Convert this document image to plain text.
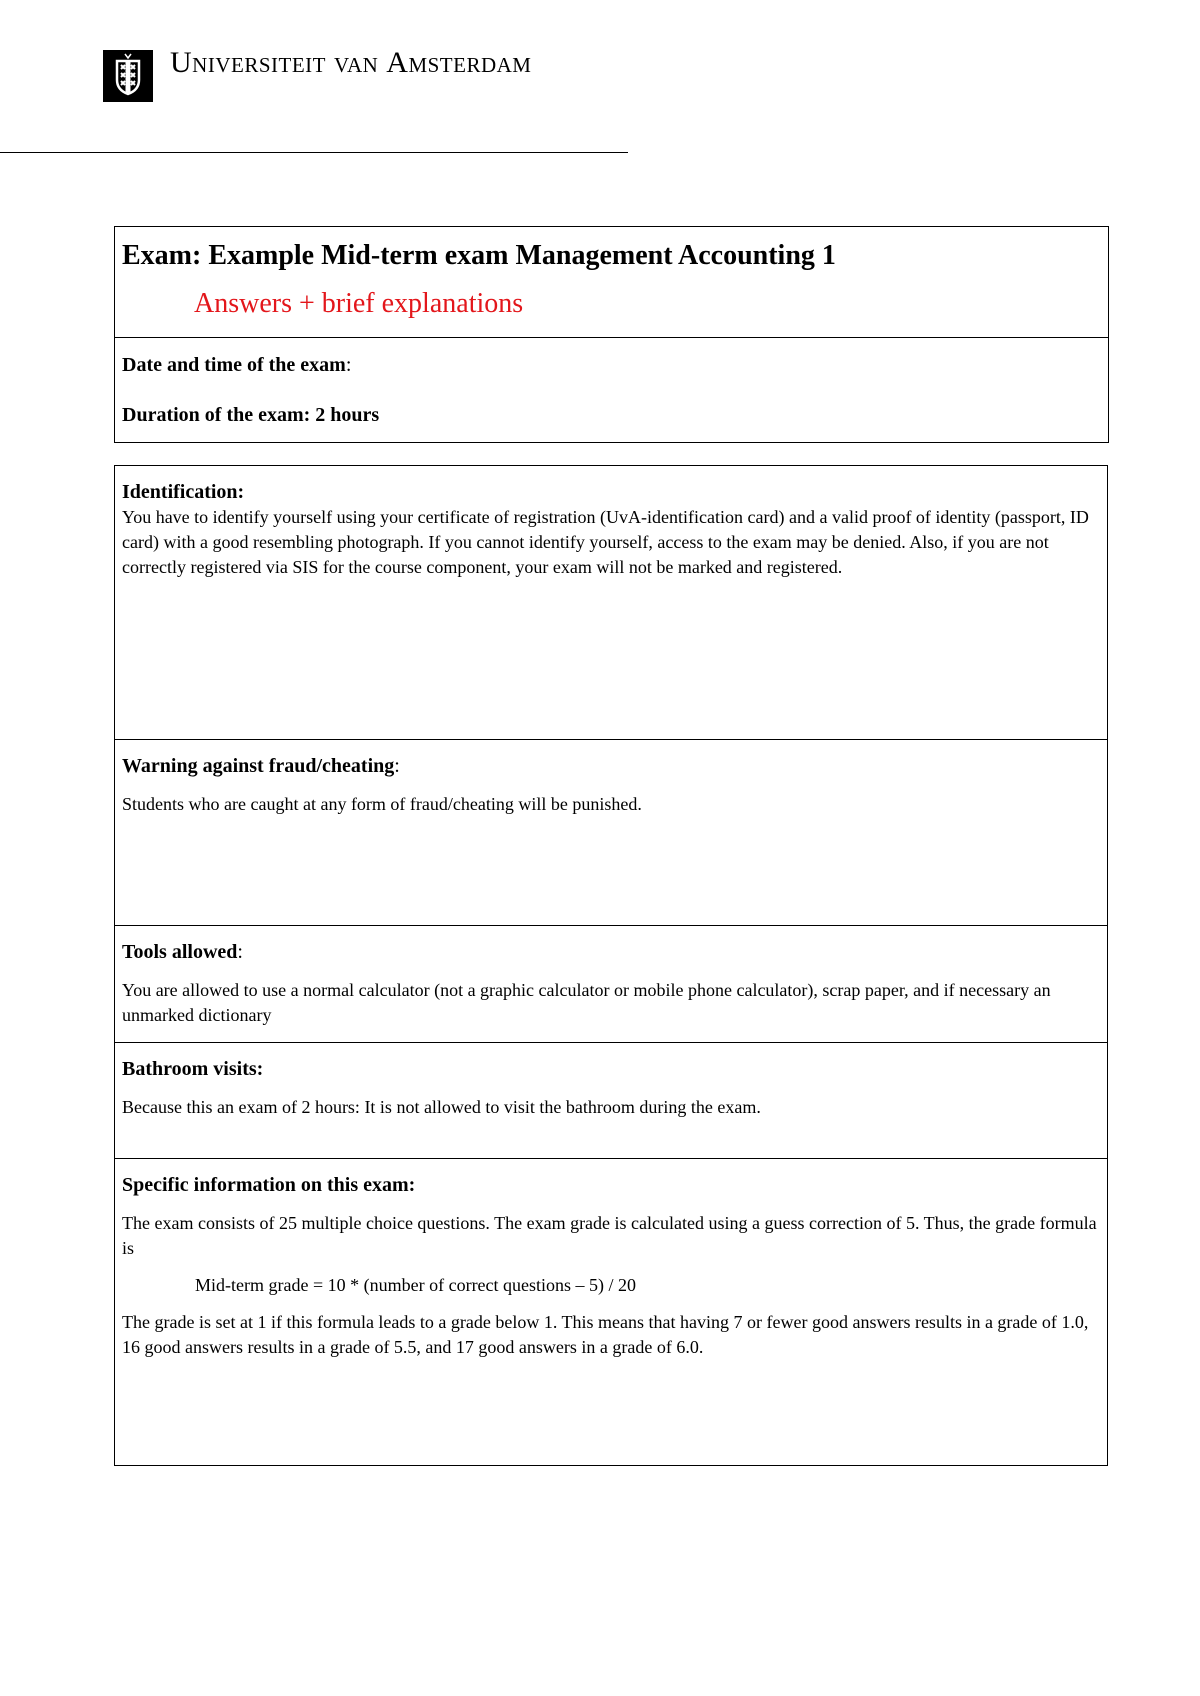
Universiteit van Amsterdam
Exam: Example Mid-term exam Management Accounting 1
Answers + brief explanations
Date and time of the exam:
Duration of the exam: 2 hours
Identification:
You have to identify yourself using your certificate of registration (UvA-identification card) and a valid proof of identity (passport, ID card) with a good resembling photograph. If you cannot identify yourself, access to the exam may be denied. Also, if you are not correctly registered via SIS for the course component, your exam will not be marked and registered.
Warning against fraud/cheating:
Students who are caught at any form of fraud/cheating will be punished.
Tools allowed:
You are allowed to use a normal calculator (not a graphic calculator or mobile phone calculator), scrap paper, and if necessary an unmarked dictionary
Bathroom visits:
Because this an exam of 2 hours: It is not allowed to visit the bathroom during the exam.
Specific information on this exam:
The exam consists of 25 multiple choice questions. The exam grade is calculated using a guess correction of 5. Thus, the grade formula is
Mid-term grade = 10 * (number of correct questions – 5) / 20
The grade is set at 1 if this formula leads to a grade below 1. This means that having 7 or fewer good answers results in a grade of 1.0, 16 good answers results in a grade of 5.5, and 17 good answers in a grade of 6.0.
